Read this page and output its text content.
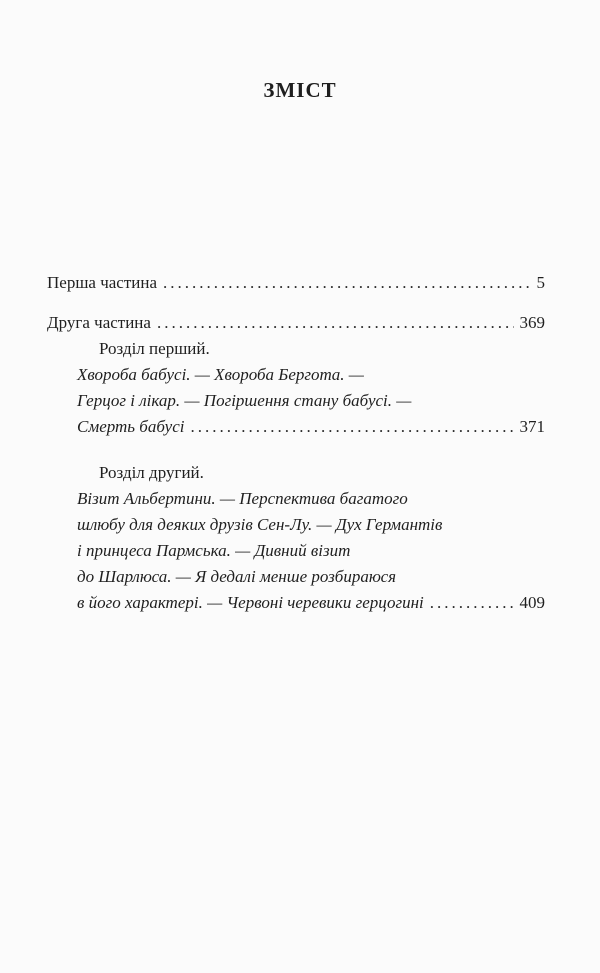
ЗМІСТ
Перша частина .....	5
Друга частина .....	369
Розділ перший.
Хвороба бабусі. — Хвороба Берготa. —
Герцог і лікар. — Погіршення стану бабусі. —
Смерть бабусі .....	371
Розділ другий.
Візит Альбертини. — Перспектива багатого
шлюбу для деяких друзів Сен-Лу. — Дух Германтів
і принцеса Пармська. — Дивний візит
до Шарлюса. — Я дедалі менше розбираюся
в його характері. — Червоні черевики герцогині .....	409
